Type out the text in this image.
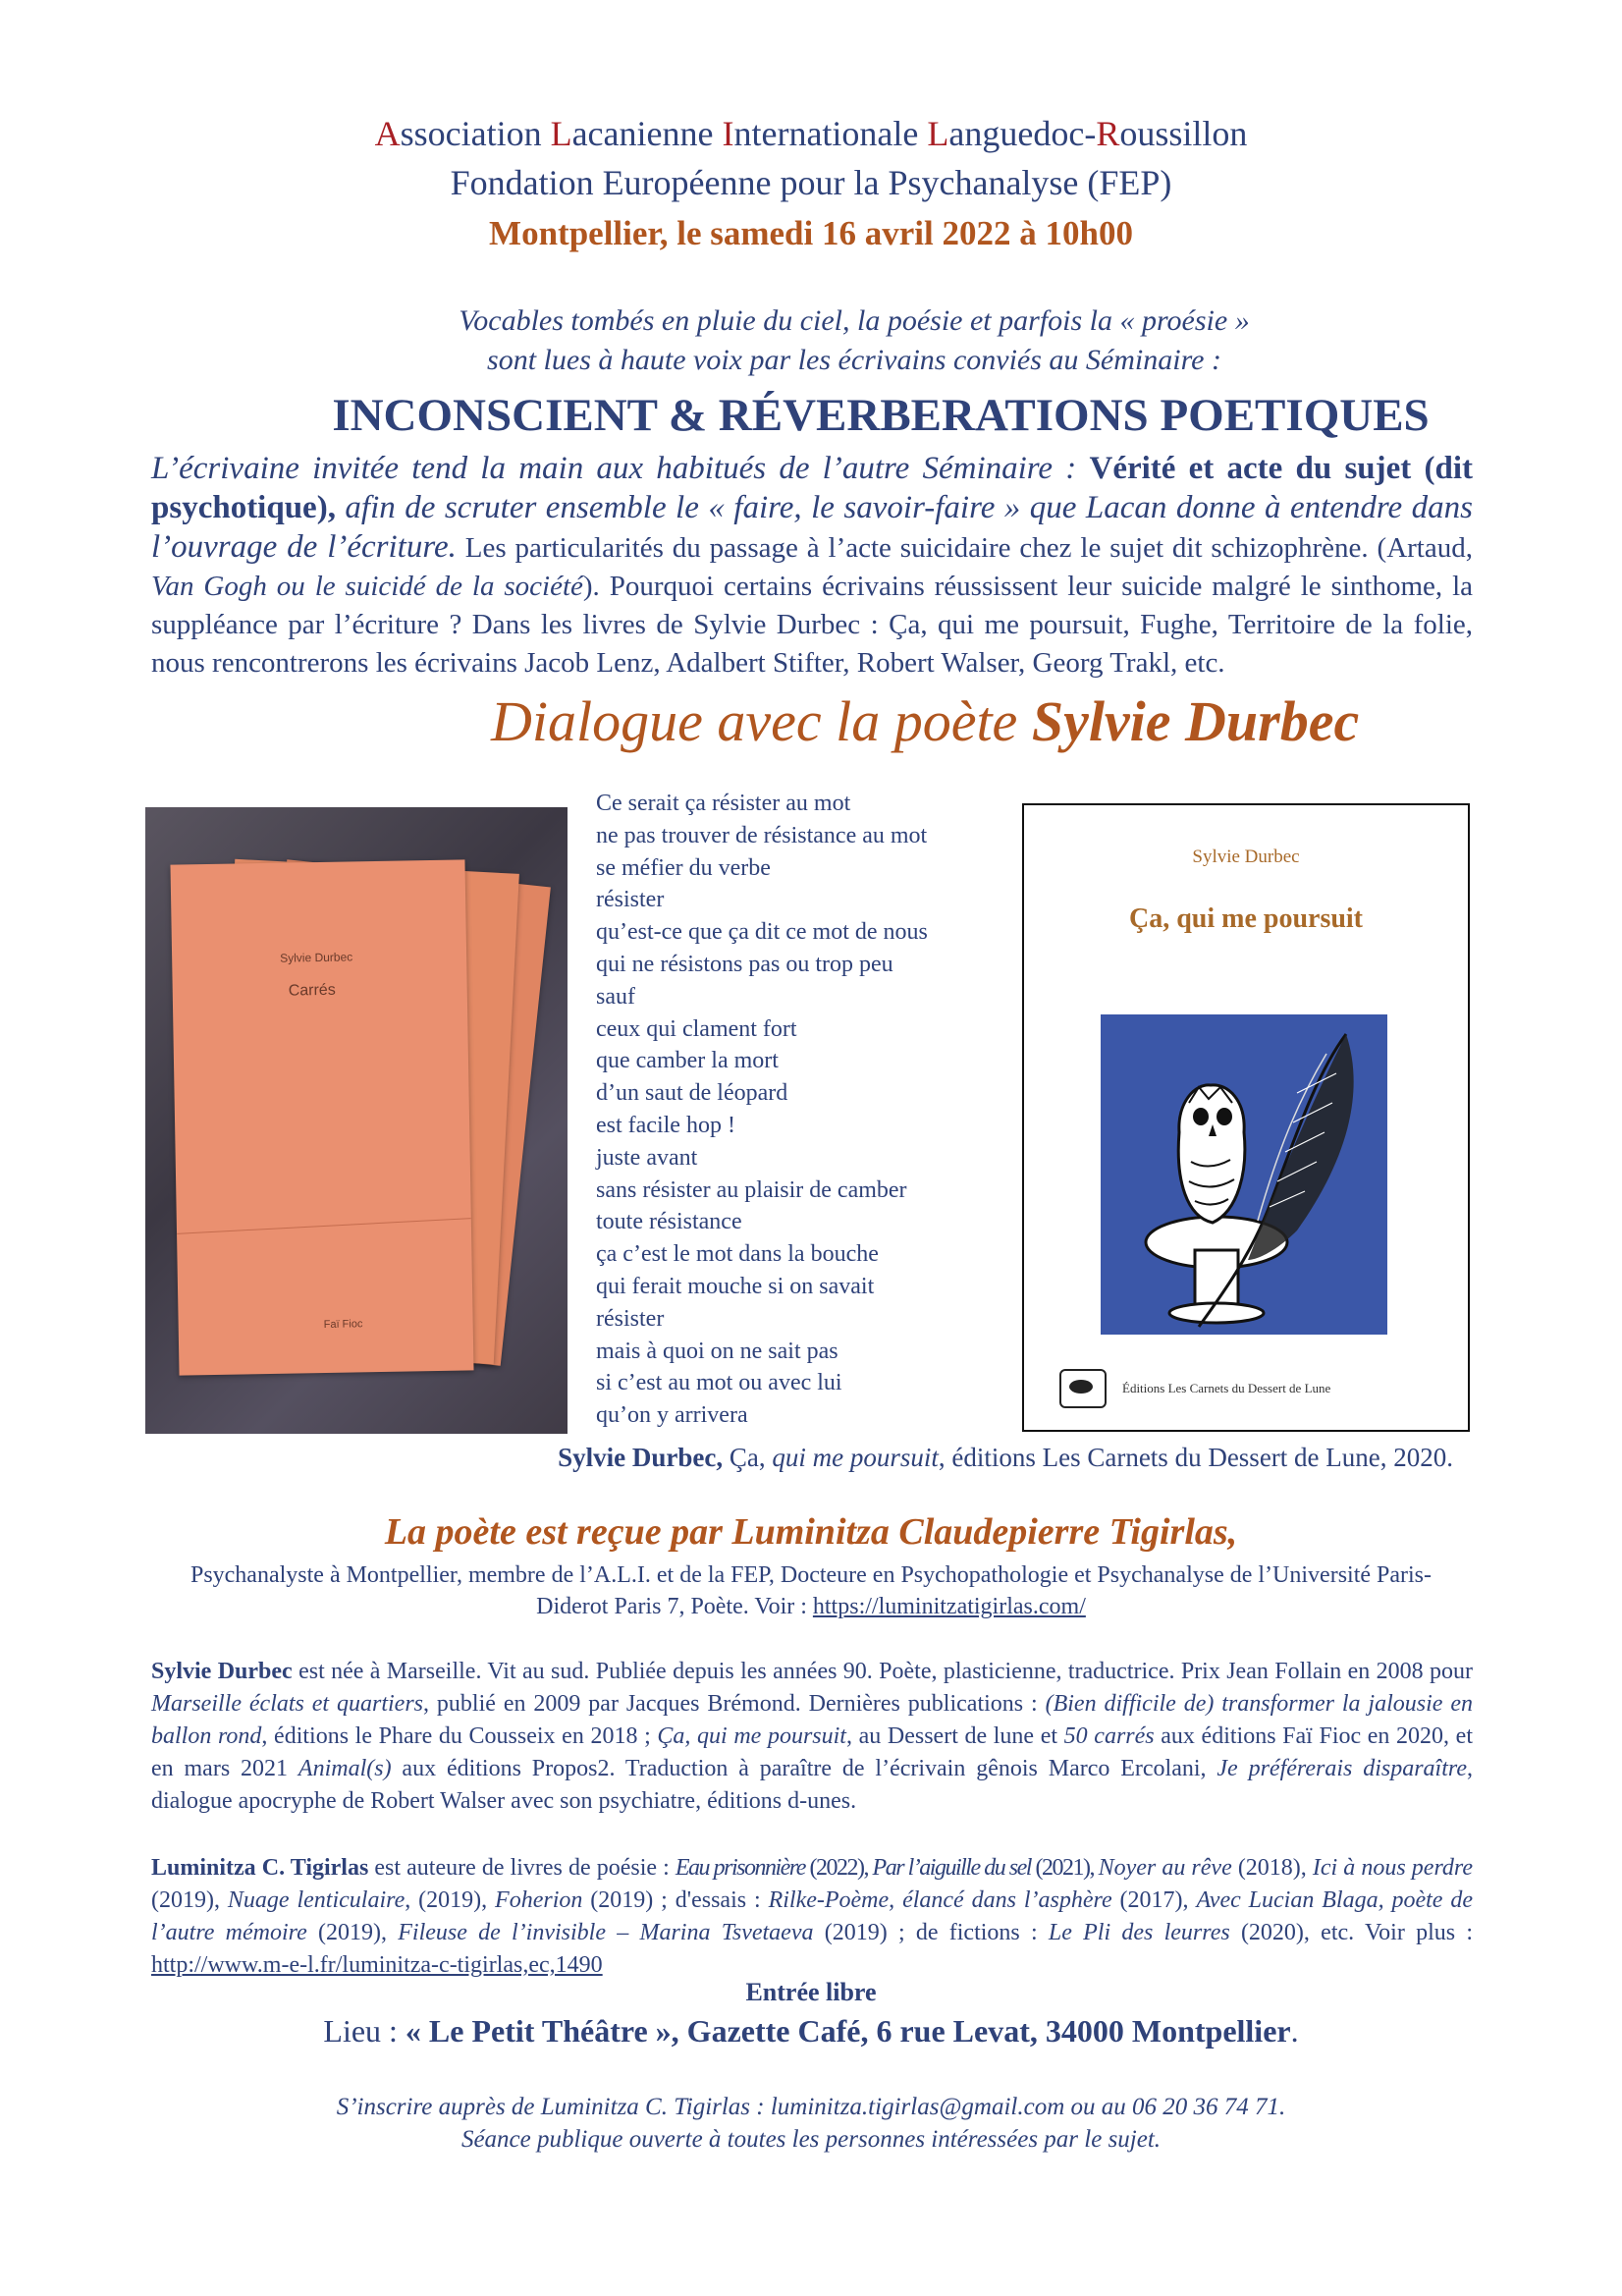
Association Lacanienne Internationale Languedoc-Roussillon
Fondation Européenne pour la Psychanalyse (FEP)
Montpellier, le samedi 16 avril 2022 à 10h00
Vocables tombés en pluie du ciel, la poésie et parfois la « proésie »
sont lues à haute voix par les écrivains conviés au Séminaire :
INCONSCIENT & RÉVERBERATIONS POETIQUES
L’écrivaine invitée tend la main aux habitués de l’autre Séminaire : Vérité et acte du sujet (dit psychotique), afin de scruter ensemble le « faire, le savoir-faire » que Lacan donne à entendre dans l’ouvrage de l’écriture. Les particularités du passage à l’acte suicidaire chez le sujet dit schizophrène. (Artaud, Van Gogh ou le suicidé de la société). Pourquoi certains écrivains réussissent leur suicide malgré le sinthome, la suppléance par l’écriture ? Dans les livres de Sylvie Durbec : Ça, qui me poursuit, Fughe, Territoire de la folie, nous rencontrerons les écrivains Jacob Lenz, Adalbert Stifter, Robert Walser, Georg Trakl, etc.
Dialogue avec la poète Sylvie Durbec
Sylvie Durbec
Carrés
Faï Fioc
Ce serait ça résister au mot
ne pas trouver de résistance au mot
se méfier du verbe
résister
qu’est-ce que ça dit ce mot de nous
qui ne résistons pas ou trop peu
sauf
ceux qui clament fort
que camber la mort
d’un saut de léopard
est facile hop !
juste avant
sans résister au plaisir de camber
toute résistance
ça c’est le mot dans la bouche
qui ferait mouche si on savait
résister
mais à quoi on ne sait pas
si c’est au mot ou avec lui
qu’on y arrivera
Sylvie Durbec
Ça, qui me poursuit
Éditions Les Carnets du Dessert de Lune
Sylvie Durbec, Ça, qui me poursuit, éditions Les Carnets du Dessert de Lune, 2020.
La poète est reçue par Luminitza Claudepierre Tigirlas,
Psychanalyste à Montpellier, membre de l’A.L.I. et de la FEP, Docteure en Psychopathologie et Psychanalyse de l’Université Paris-Diderot Paris 7, Poète. Voir : https://luminitzatigirlas.com/
Sylvie Durbec est née à Marseille. Vit au sud. Publiée depuis les années 90. Poète, plasticienne, traductrice. Prix Jean Follain en 2008 pour Marseille éclats et quartiers, publié en 2009 par Jacques Brémond. Dernières publications : (Bien difficile de) transformer la jalousie en ballon rond, éditions le Phare du Cousseix en 2018 ; Ça, qui me poursuit, au Dessert de lune et 50 carrés aux éditions Faï Fioc en 2020, et en mars 2021 Animal(s) aux éditions Propos2. Traduction à paraître de l’écrivain gênois Marco Ercolani, Je préférerais disparaître, dialogue apocryphe de Robert Walser avec son psychiatre, éditions d-unes.
Luminitza C. Tigirlas est auteure de livres de poésie : Eau prisonnière (2022), Par l’aiguille du sel (2021), Noyer au rêve (2018), Ici à nous perdre (2019), Nuage lenticulaire, (2019), Foherion (2019) ; d'essais : Rilke-Poème, élancé dans l’asphère (2017), Avec Lucian Blaga, poète de l’autre mémoire (2019), Fileuse de l’invisible – Marina Tsvetaeva (2019) ; de fictions : Le Pli des leurres (2020), etc. Voir plus : http://www.m-e-l.fr/luminitza-c-tigirlas,ec,1490
Entrée libre
Lieu : « Le Petit Théâtre », Gazette Café, 6 rue Levat, 34000 Montpellier.
S’inscrire auprès de Luminitza C. Tigirlas : luminitza.tigirlas@gmail.com ou au 06 20 36 74 71.
Séance publique ouverte à toutes les personnes intéressées par le sujet.
